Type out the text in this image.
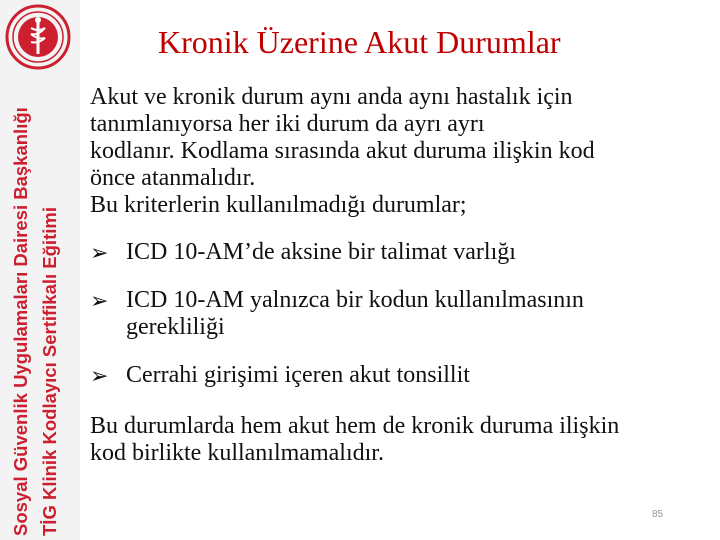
Sosyal Güvenlik Uygulamaları Dairesi Başkanlığı TİG Klinik Kodlayıcı Sertifikalı Eğitimi
Kronik Üzerine Akut Durumlar

Akut ve kronik durum aynı anda aynı hastalık için

tanımlanıyorsa her iki durum da ayrı ayrı

kodlanır. Kodlama sırasında akut duruma ilişkin kod

önce atanmalıdır.

Bu kriterlerin kullanılmadığı durumlar;

➢ ICD 10-AM’de aksine bir talimat varlığı

➢ ICD 10-AM yalnızca bir kodun kullanılmasının

gerekliliği

➢ Cerrahi girişimi içeren akut tonsillit

Bu durumlarda hem akut hem de kronik duruma ilişkin

kod birlikte kullanılmamalıdır.

85
